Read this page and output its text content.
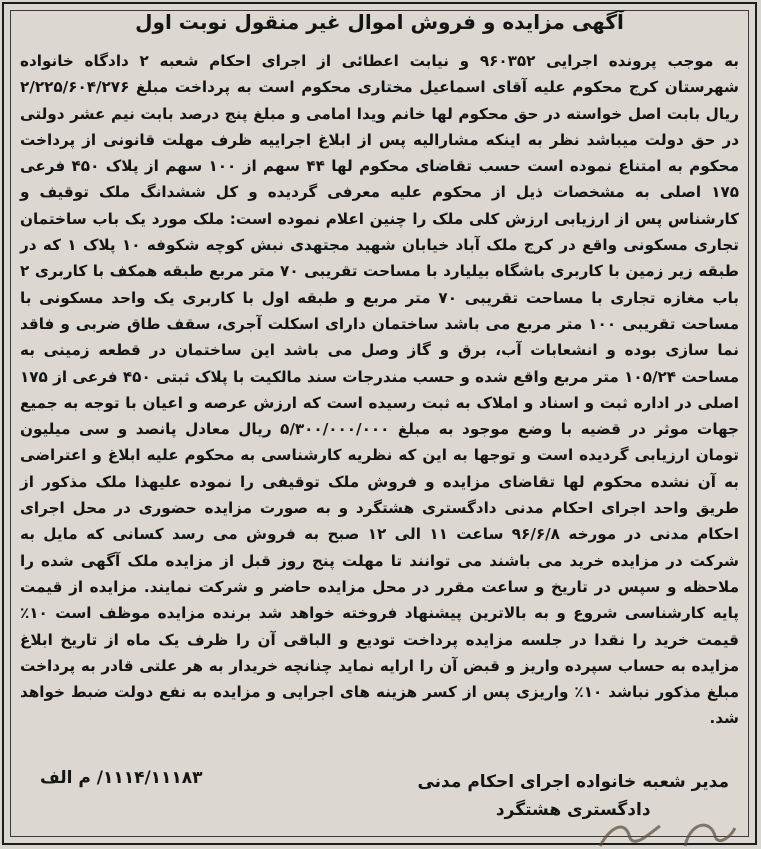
آگهی مزایده و فروش اموال غیر منقول نوبت اول

به موجب پرونده اجرایی ۹۶۰۳۵۲ و نیابت اعطائی از اجرای احکام شعبه ۲ دادگاه خانواده شهرستان کرج محکوم علیه آقای اسماعیل مختاری محکوم است به پرداخت مبلغ ۲/۲۲۵/۶۰۴/۲۷۶ ریال بابت اصل خواسته در حق محکوم لها خانم ویدا امامی و مبلغ پنج درصد بابت نیم عشر دولتی در حق دولت میباشد نظر به اینکه مشارالیه پس از ابلاغ اجراییه ظرف مهلت قانونی از پرداخت محکوم به امتناع نموده است حسب تقاضای محکوم لها ۴۴ سهم از ۱۰۰ سهم از پلاک ۴۵۰ فرعی ۱۷۵ اصلی به مشخصات ذیل از محکوم علیه معرفی گردیده و کل ششدانگ ملک توقیف و کارشناس پس از ارزیابی ارزش کلی ملک را چنین اعلام نموده است: ملک مورد یک باب ساختمان تجاری مسکونی واقع در کرج ملک آباد خیابان شهید مجتهدی نبش کوچه شکوفه ۱۰ پلاک ۱ که در طبقه زیر زمین با کاربری باشگاه بیلیارد با مساحت تقریبی ۷۰ متر مربع طبقه همکف با کاربری ۲ باب مغازه تجاری با مساحت تقریبی ۷۰ متر مربع و طبقه اول با کاربری یک واحد مسکونی با مساحت تقریبی ۱۰۰ متر مربع می باشد ساختمان دارای اسکلت آجری، سقف طاق ضربی و فاقد نما سازی بوده و انشعابات آب، برق و گاز وصل می باشد این ساختمان در قطعه زمینی به مساحت ۱۰۵/۲۴ متر مربع واقع شده و حسب مندرجات سند مالکیت با پلاک ثبتی ۴۵۰ فرعی از ۱۷۵ اصلی در اداره ثبت و اسناد و املاک به ثبت رسیده است که ارزش عرصه و اعیان با توجه به جمیع جهات موثر در قضیه با وضع موجود به مبلغ ۵/۳۰۰/۰۰۰/۰۰۰ ریال معادل پانصد و سی میلیون تومان ارزیابی گردیده است و توجها به این که نظریه کارشناسی به محکوم علیه ابلاغ و اعتراضی به آن نشده محکوم لها تقاضای مزایده و فروش ملک توقیفی را نموده علیهذا ملک مذکور از طریق واحد اجرای احکام مدنی دادگستری هشتگرد و به صورت مزایده حضوری در محل اجرای احکام مدنی در مورخه ۹۶/۶/۸ ساعت ۱۱ الی ۱۲ صبح به فروش می رسد کسانی که مایل به شرکت در مزایده خرید می باشند می توانند تا مهلت پنج روز قبل از مزایده ملک آگهی شده را ملاحظه و سپس در تاریخ و ساعت مقرر در محل مزایده حاضر و شرکت نمایند. مزایده از قیمت پایه کارشناسی شروع و به بالاترین پیشنهاد فروخته خواهد شد برنده مزایده موظف است ۱۰٪ قیمت خرید را نقدا در جلسه مزایده پرداخت تودیع و الباقی آن را ظرف یک ماه از تاریخ ابلاغ مزایده به حساب سپرده واریز و قبض آن را ارایه نماید چنانچه خریدار به هر علتی قادر به پرداخت مبلغ مذکور نباشد ۱۰٪ واریزی پس از کسر هزینه های اجرایی و مزایده به نفع دولت ضبط خواهد شد.

مدیر شعبه خانواده اجرای احکام مدنی
دادگستری هشتگرد
۱۱۱۴/۱۱۱۸۳/ م الف
